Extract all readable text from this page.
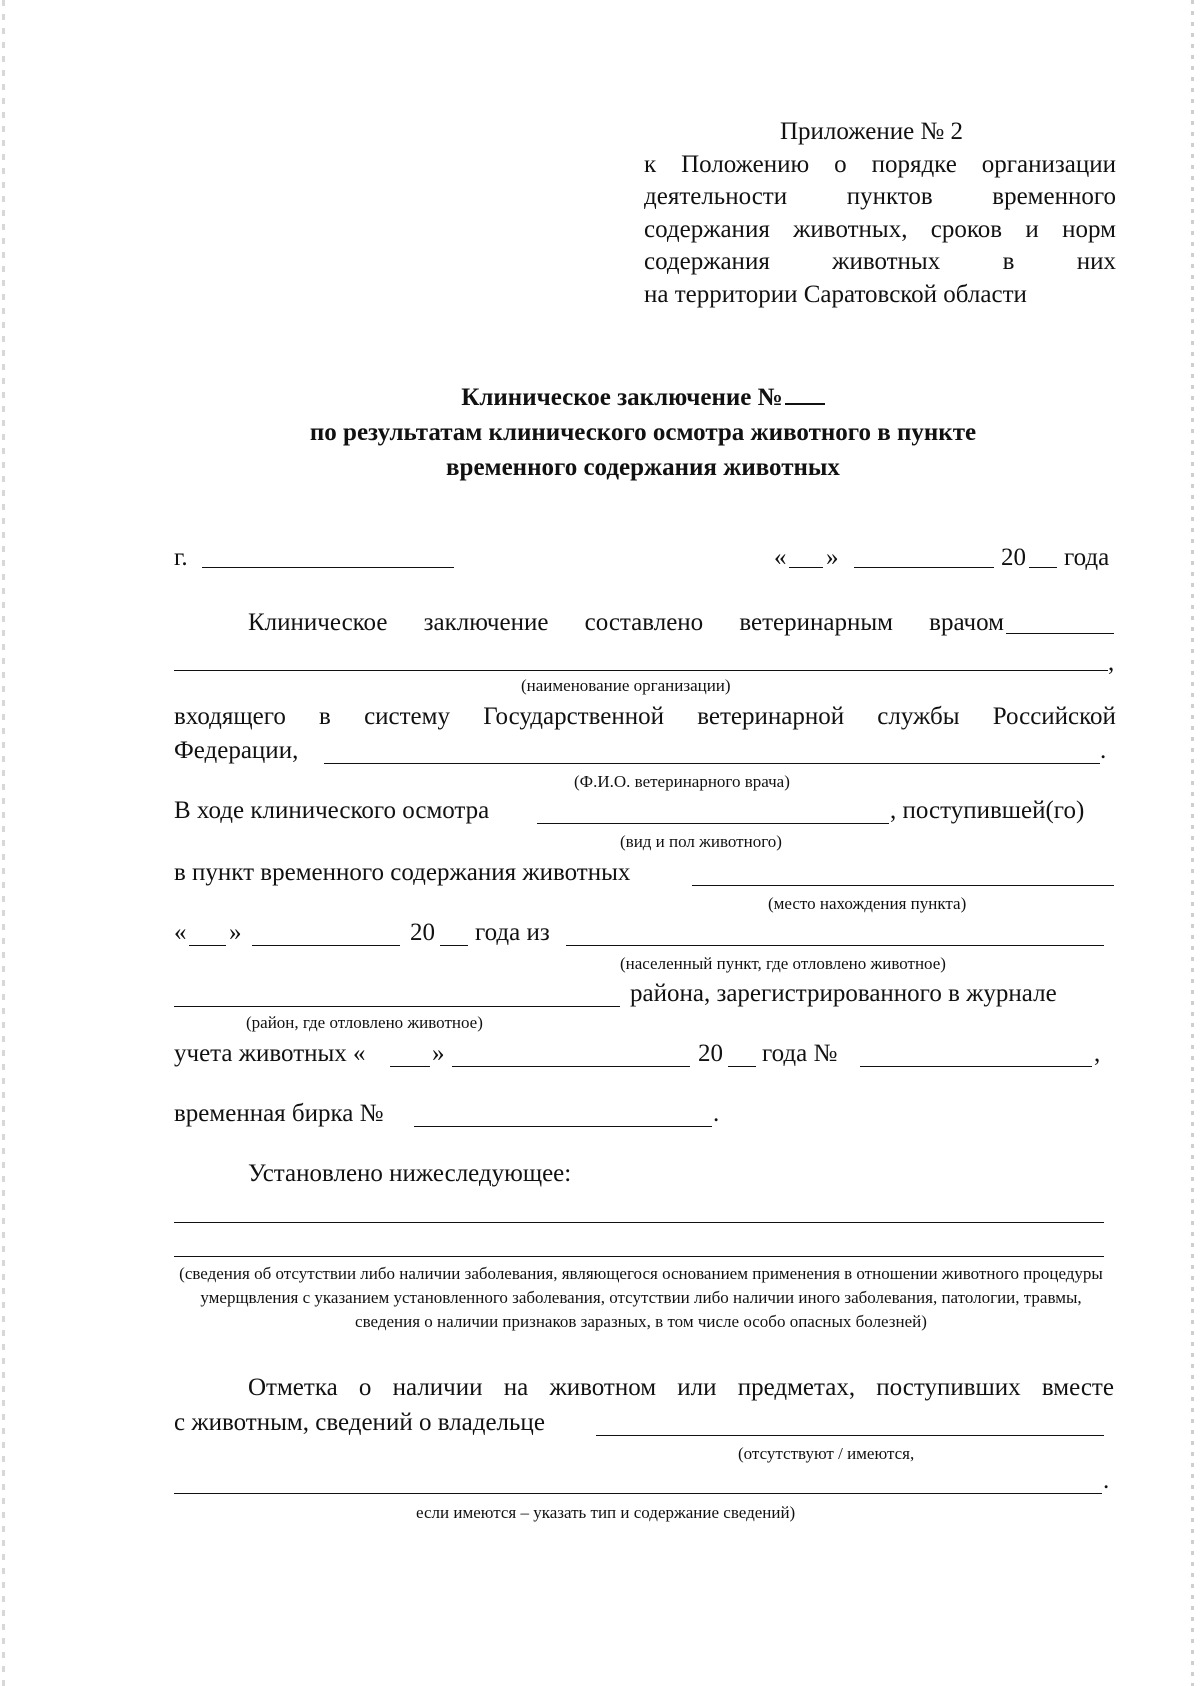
Приложение № 2
к Положению о порядке организации
деятельности пунктов временного
содержания животных, сроков и норм
содержания животных в них
на территории Саратовской области
Клиническое заключение №
по результатам клинического осмотра животного в пункте
временного содержания животных
г.	« »	20 года
Клиническое заключение составлено ветеринарным врачом
,
(наименование организации)
входящего в систему Государственной ветеринарной службы Российской
Федерации,	.
(Ф.И.О. ветеринарного врача)
В ходе клинического осмотра	, поступившей(го)
(вид и пол животного)
в пункт временного содержания животных
(место нахождения пункта)
« »	20 года из
(населенный пункт, где отловлено животное)
района, зарегистрированного в журнале
(район, где отловлено животное)
учета животных «	»	20 года №	,
временная бирка №	.
Установлено нижеследующее:
(сведения об отсутствии либо наличии заболевания, являющегося основанием применения в отношении животного процедуры умерщвления с указанием установленного заболевания, отсутствии либо наличии иного заболевания, патологии, травмы, сведения о наличии признаков заразных, в том числе особо опасных болезней)
Отметка о наличии на животном или предметах, поступивших вместе
с животным, сведений о владельце
(отсутствуют / имеются,
.
если имеются – указать тип и содержание сведений)
